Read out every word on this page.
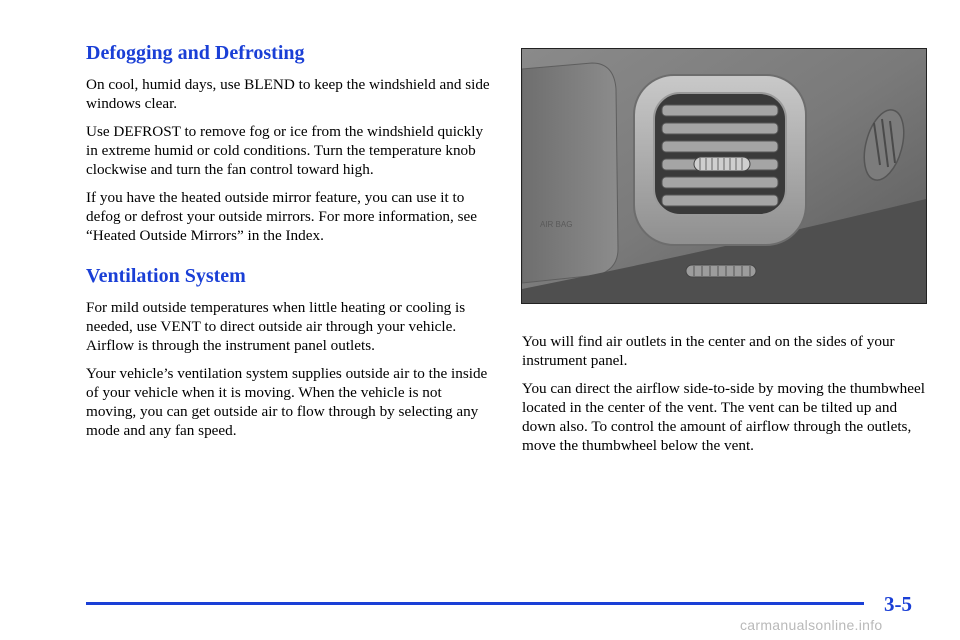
Defogging and Defrosting

On cool, humid days, use BLEND to keep the windshield and side windows clear.

Use DEFROST to remove fog or ice from the windshield quickly in extreme humid or cold conditions. Turn the temperature knob clockwise and turn the fan control toward high.

If you have the heated outside mirror feature, you can use it to defog or defrost your outside mirrors. For more information, see “Heated Outside Mirrors” in the Index.

Ventilation System

For mild outside temperatures when little heating or cooling is needed, use VENT to direct outside air through your vehicle. Airflow is through the instrument panel outlets.

Your vehicle’s ventilation system supplies outside air to the inside of your vehicle when it is moving. When the vehicle is not moving, you can get outside air to flow through by selecting any mode and any fan speed.

AIR BAG

You will find air outlets in the center and on the sides of your instrument panel.

You can direct the airflow side-to-side by moving the thumbwheel located in the center of the vent. The vent can be tilted up and down also. To control the amount of airflow through the outlets, move the thumbwheel below the vent.

3-5
carmanualsonline.info
